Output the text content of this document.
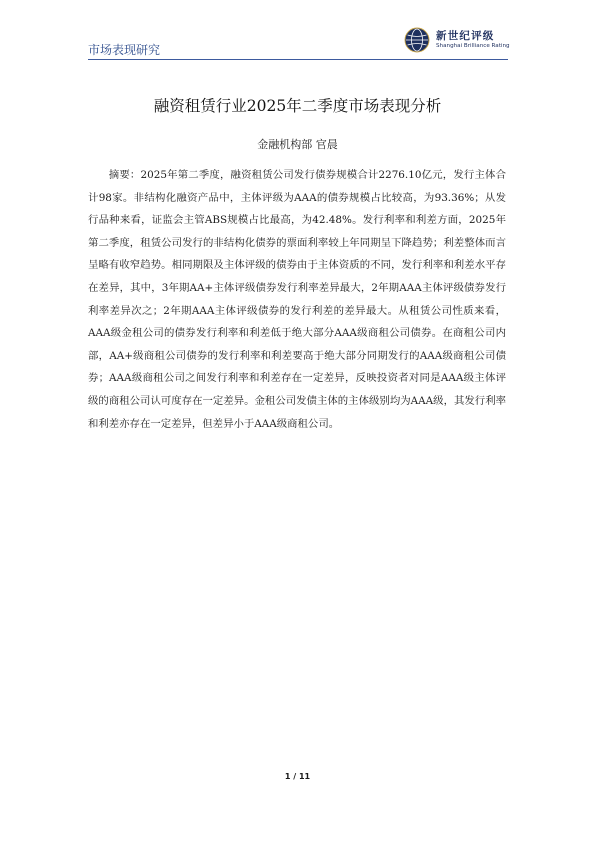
市场表现研究
新世纪评级
Shanghai Brilliance Rating
融资租赁行业2025年二季度市场表现分析
金融机构部 官晨
摘要：2025年第二季度，融资租赁公司发行债券规模合计2276.10亿元，发行主体合计98家。非结构化融资产品中，主体评级为AAA的债券规模占比较高，为93.36%；从发行品种来看，证监会主管ABS规模占比最高，为42.48%。发行利率和利差方面，2025年第二季度，租赁公司发行的非结构化债券的票面利率较上年同期呈下降趋势；利差整体而言呈略有收窄趋势。相同期限及主体评级的债券由于主体资质的不同，发行利率和利差水平存在差异，其中，3年期AA+主体评级债券发行利率差异最大，2年期AAA主体评级债券发行利率差异次之；2年期AAA主体评级债券的发行利差的差异最大。从租赁公司性质来看，AAA级金租公司的债券发行利率和利差低于绝大部分AAA级商租公司债券。在商租公司内部，AA+级商租公司债券的发行利率和利差要高于绝大部分同期发行的AAA级商租公司债券；AAA级商租公司之间发行利率和利差存在一定差异，反映投资者对同是AAA级主体评级的商租公司认可度存在一定差异。金租公司发债主体的主体级别均为AAA级，其发行利率和利差亦存在一定差异，但差异小于AAA级商租公司。
1 / 11
